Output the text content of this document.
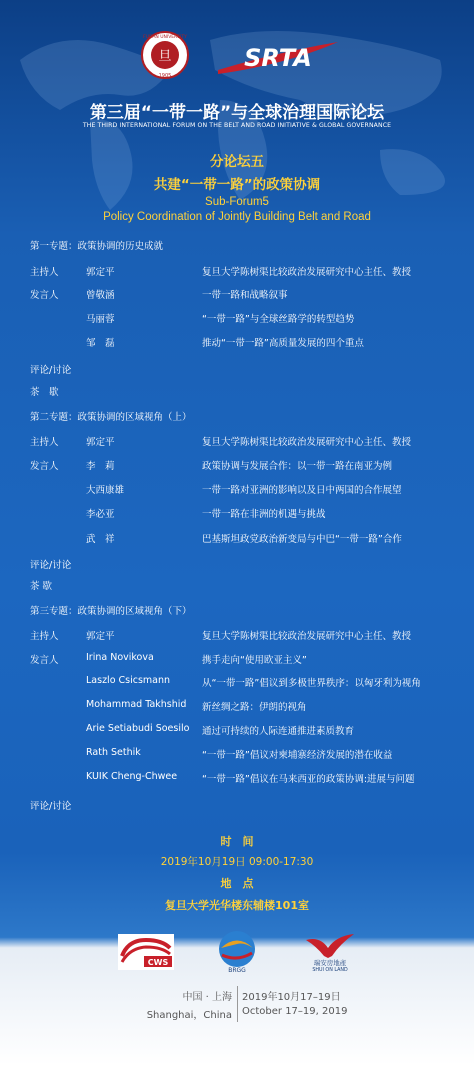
旦
1905
FUDAN UNIVERSITY
SRTA
第三届“一带一路”与全球治理国际论坛
THE THIRD INTERNATIONAL FORUM ON THE BELT AND ROAD INITIATIVE & GLOBAL GOVERNANCE
分论坛五
共建“一带一路”的政策协调
Sub-Forum5
Policy Coordination of Jointly Building Belt and Road
第一专题：政策协调的历史成就
主持人	郭定平	复旦大学陈树渠比较政治发展研究中心主任、教授
发言人	曾敬涵	一带一路和战略叙事
马丽蓉	“一带一路”与全球丝路学的转型趋势
邹　磊	推动“一带一路”高质量发展的四个重点
评论/讨论
茶　歇
第二专题：政策协调的区域视角（上）
主持人	郭定平	复旦大学陈树渠比较政治发展研究中心主任、教授
发言人	李　莉	政策协调与发展合作：以一带一路在南亚为例
大西康雄	一带一路对亚洲的影响以及日中两国的合作展望
李必亚	一带一路在非洲的机遇与挑战
武　祥	巴基斯坦政党政治新变局与中巴“一带一路”合作
评论/讨论
茶 歇
第三专题：政策协调的区域视角（下）
主持人	郭定平	复旦大学陈树渠比较政治发展研究中心主任、教授
发言人	Irina Novikova	携手走向“使用欧亚主义”
Laszlo Csicsmann	从“一带一路”倡议到多极世界秩序：以匈牙利为视角
Mohammad Takhshid 新丝绸之路：伊朗的视角
Arie Setiabudi Soesilo 通过可持续的人际连通推进素质教育
Rath Sethik	“一带一路”倡议对柬埔寨经济发展的潜在收益
KUIK Cheng-Chwee	“一带一路”倡议在马来西亚的政策协调:进展与问题
评论/讨论
时　间
2019年10月19日 09:00-17:30
地　点
复旦大学光华楼东辅楼101室
CWS
BRGG
瑞安房地產
SHUI ON LAND
中国 · 上海
Shanghai，China
2019年10月17–19日
October 17–19, 2019
